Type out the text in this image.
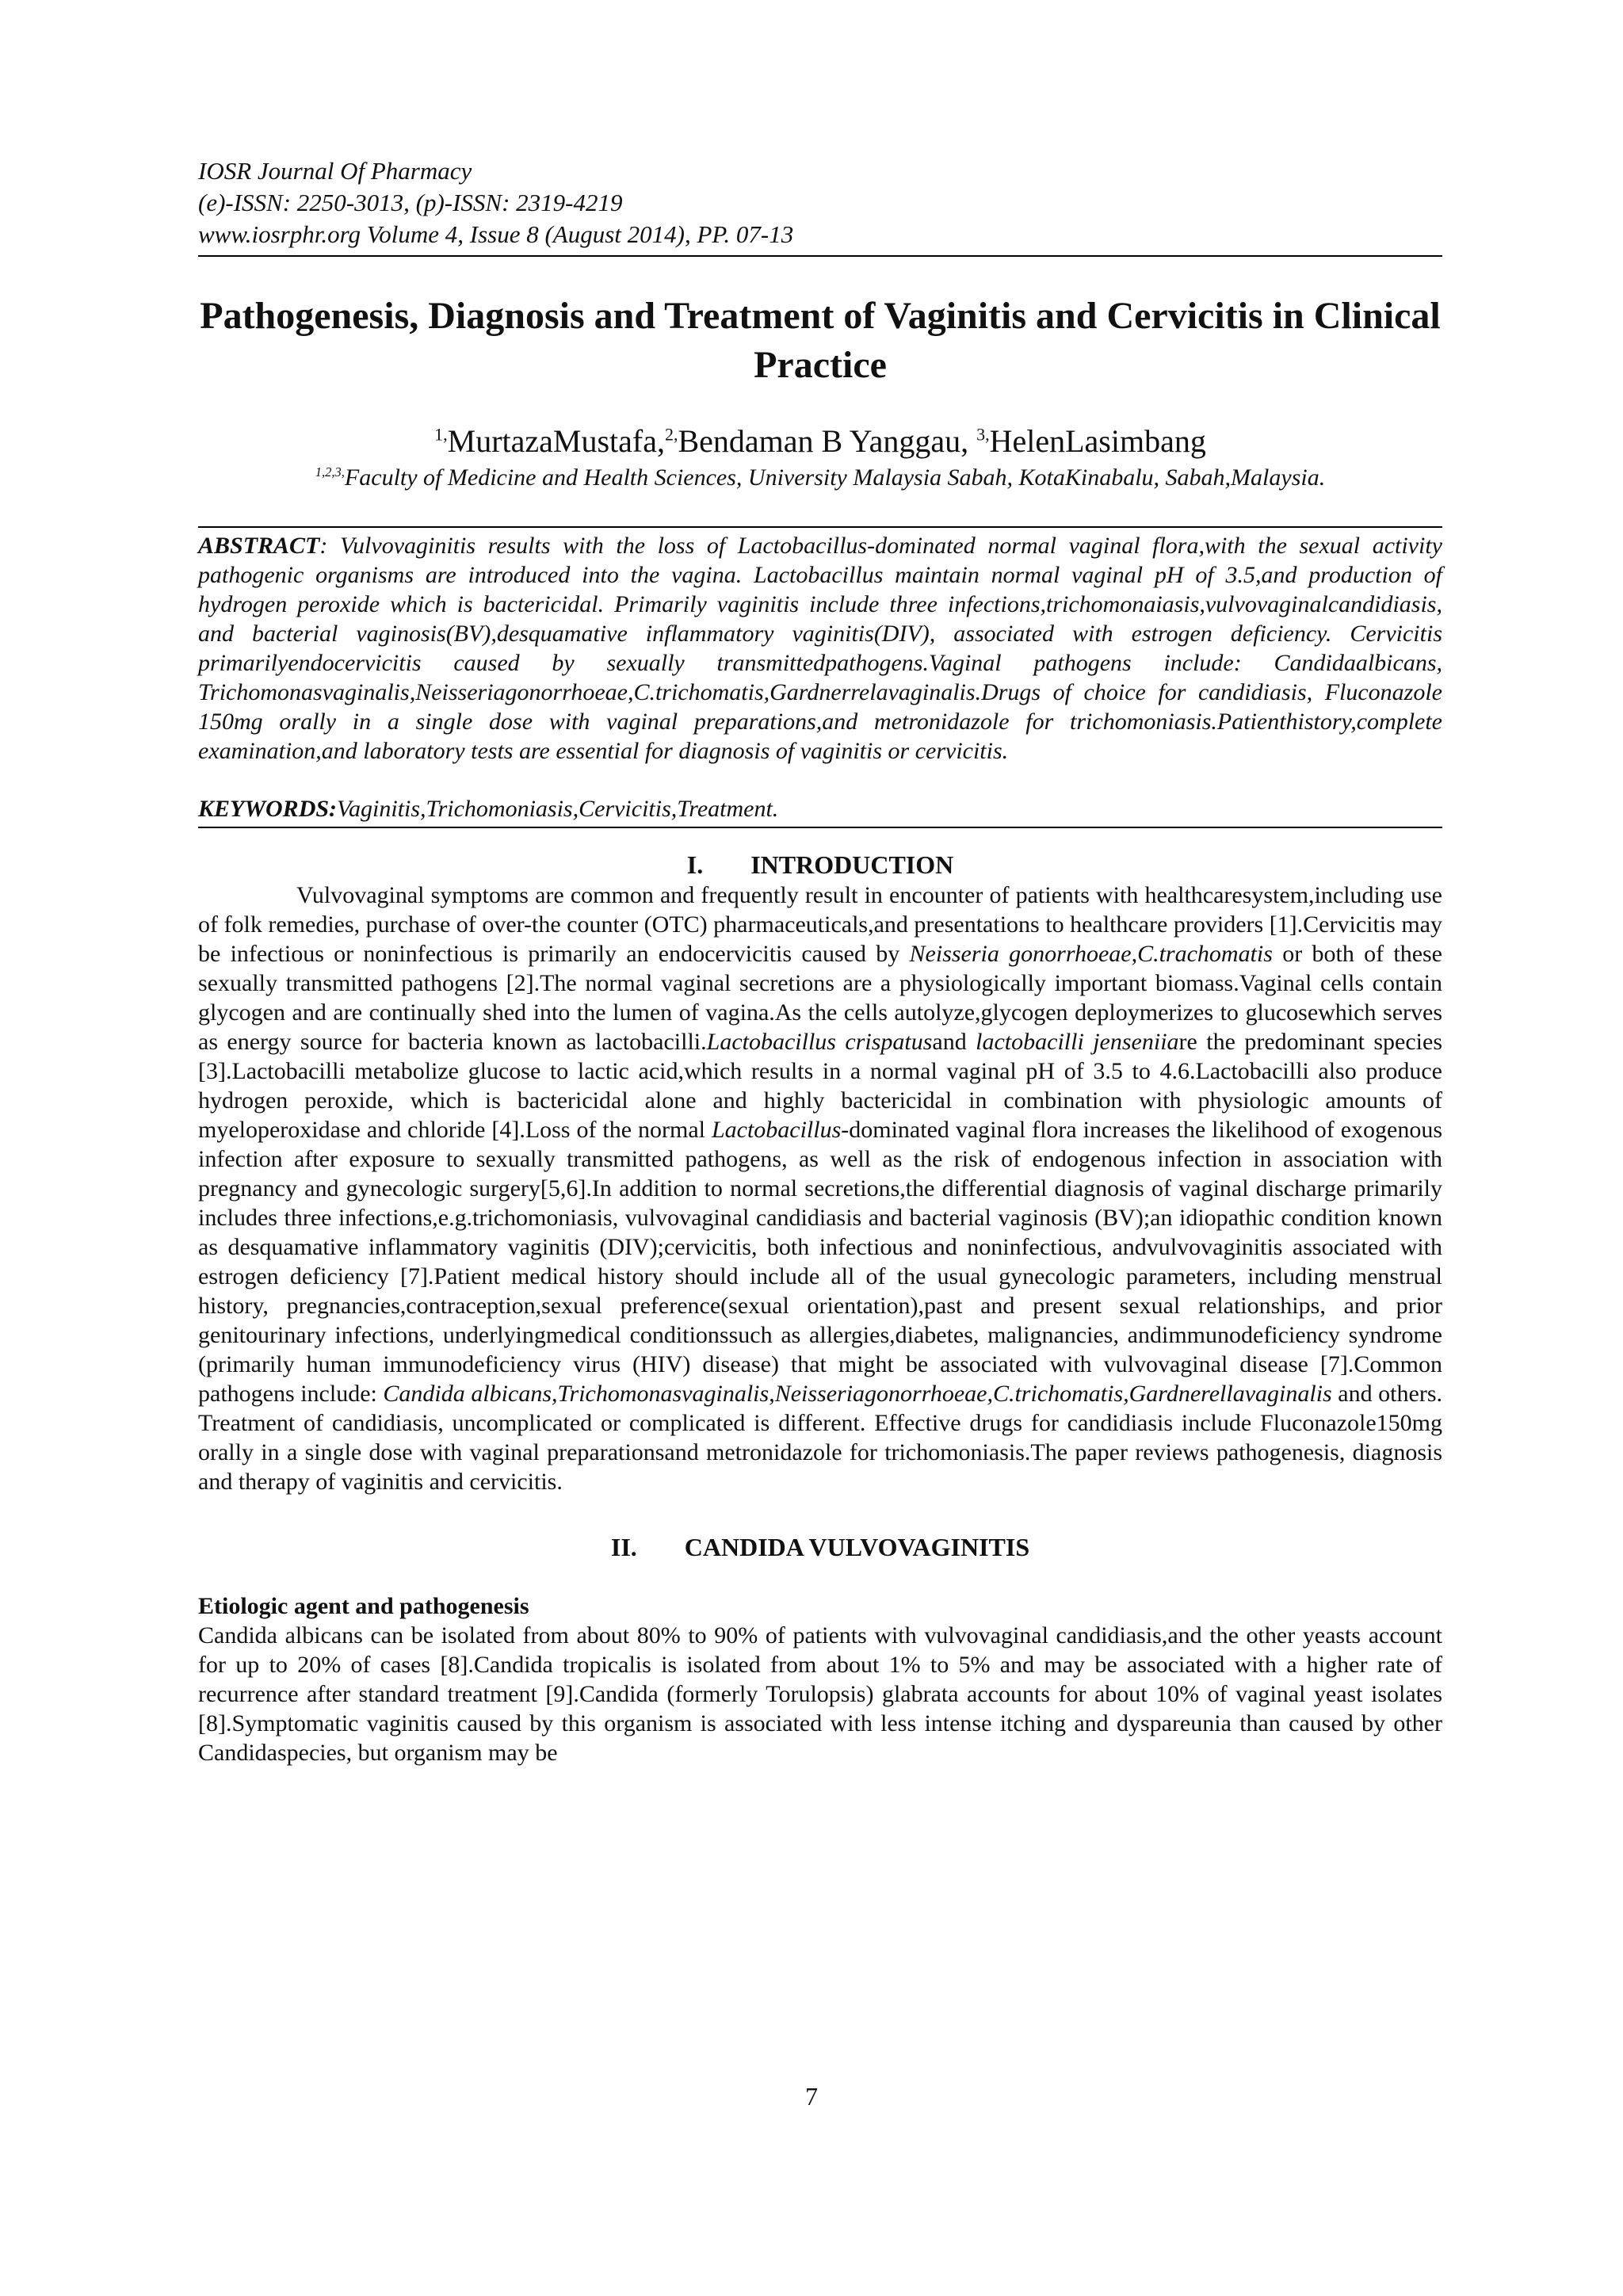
IOSR Journal Of Pharmacy
(e)-ISSN: 2250-3013, (p)-ISSN: 2319-4219
www.iosrphr.org Volume 4, Issue 8 (August 2014), PP. 07-13
Pathogenesis, Diagnosis and Treatment of Vaginitis and Cervicitis in Clinical Practice
$^{1,}$MurtazaMustafa,$^{2,}$Bendaman B Yanggau, $^{3,}$HelenLasimbang
$^{1,2,3,}$Faculty of Medicine and Health Sciences, University Malaysia Sabah, KotaKinabalu, Sabah,Malaysia.
ABSTRACT: Vulvovaginitis results with the loss of Lactobacillus-dominated normal vaginal flora,with the sexual activity pathogenic organisms are introduced into the vagina. Lactobacillus maintain normal vaginal pH of 3.5,and production of hydrogen peroxide which is bactericidal. Primarily vaginitis include three infections,trichomonaiasis,vulvovaginalcandidiasis, and bacterial vaginosis(BV),desquamative inflammatory vaginitis(DIV), associated with estrogen deficiency. Cervicitis primarilyendocervicitis caused by sexually transmittedpathogens.Vaginal pathogens include: Candidaalbicans, Trichomonasvaginalis,Neisseriagonorrhoeae,C.trichomatis,Gardnerrelavaginalis.Drugs of choice for candidiasis, Fluconazole 150mg orally in a single dose with vaginal preparations,and metronidazole for trichomoniasis.Patienthistory,complete examination,and laboratory tests are essential for diagnosis of vaginitis or cervicitis.
KEYWORDS:Vaginitis,Trichomoniasis,Cervicitis,Treatment.
I. INTRODUCTION
Vulvovaginal symptoms are common and frequently result in encounter of patients with healthcaresystem,including use of folk remedies, purchase of over-the counter (OTC) pharmaceuticals,and presentations to healthcare providers [1].Cervicitis may be infectious or noninfectious is primarily an endocervicitis caused by Neisseria gonorrhoeae,C.trachomatis or both of these sexually transmitted pathogens [2].The normal vaginal secretions are a physiologically important biomass.Vaginal cells contain glycogen and are continually shed into the lumen of vagina.As the cells autolyze,glycogen deploymerizes to glucosewhich serves as energy source for bacteria known as lactobacilli.Lactobacillus crispatusand lactobacilli jenseniiare the predominant species [3].Lactobacilli metabolize glucose to lactic acid,which results in a normal vaginal pH of 3.5 to 4.6.Lactobacilli also produce hydrogen peroxide, which is bactericidal alone and highly bactericidal in combination with physiologic amounts of myeloperoxidase and chloride [4].Loss of the normal Lactobacillus-dominated vaginal flora increases the likelihood of exogenous infection after exposure to sexually transmitted pathogens, as well as the risk of endogenous infection in association with pregnancy and gynecologic surgery[5,6].In addition to normal secretions,the differential diagnosis of vaginal discharge primarily includes three infections,e.g.trichomoniasis, vulvovaginal candidiasis and bacterial vaginosis (BV);an idiopathic condition known as desquamative inflammatory vaginitis (DIV);cervicitis, both infectious and noninfectious, andvulvovaginitis associated with estrogen deficiency [7].Patient medical history should include all of the usual gynecologic parameters, including menstrual history, pregnancies,contraception,sexual preference(sexual orientation),past and present sexual relationships, and prior genitourinary infections, underlyingmedical conditionssuch as allergies,diabetes, malignancies, andimmunodeficiency syndrome (primarily human immunodeficiency virus (HIV) disease) that might be associated with vulvovaginal disease [7].Common pathogens include: Candida albicans,Trichomonasvaginalis,Neisseriagonorrhoeae,C.trichomatis,Gardnerellavaginalis and others. Treatment of candidiasis, uncomplicated or complicated is different. Effective drugs for candidiasis include Fluconazole150mg orally in a single dose with vaginal preparationsand metronidazole for trichomoniasis.The paper reviews pathogenesis, diagnosis and therapy of vaginitis and cervicitis.
II. CANDIDA VULVOVAGINITIS
Etiologic agent and pathogenesis
Candida albicans can be isolated from about 80% to 90% of patients with vulvovaginal candidiasis,and the other yeasts account for up to 20% of cases [8].Candida tropicalis is isolated from about 1% to 5% and may be associated with a higher rate of recurrence after standard treatment [9].Candida (formerly Torulopsis) glabrata accounts for about 10% of vaginal yeast isolates [8].Symptomatic vaginitis caused by this organism is associated with less intense itching and dyspareunia than caused by other Candidaspecies, but organism may be
7
